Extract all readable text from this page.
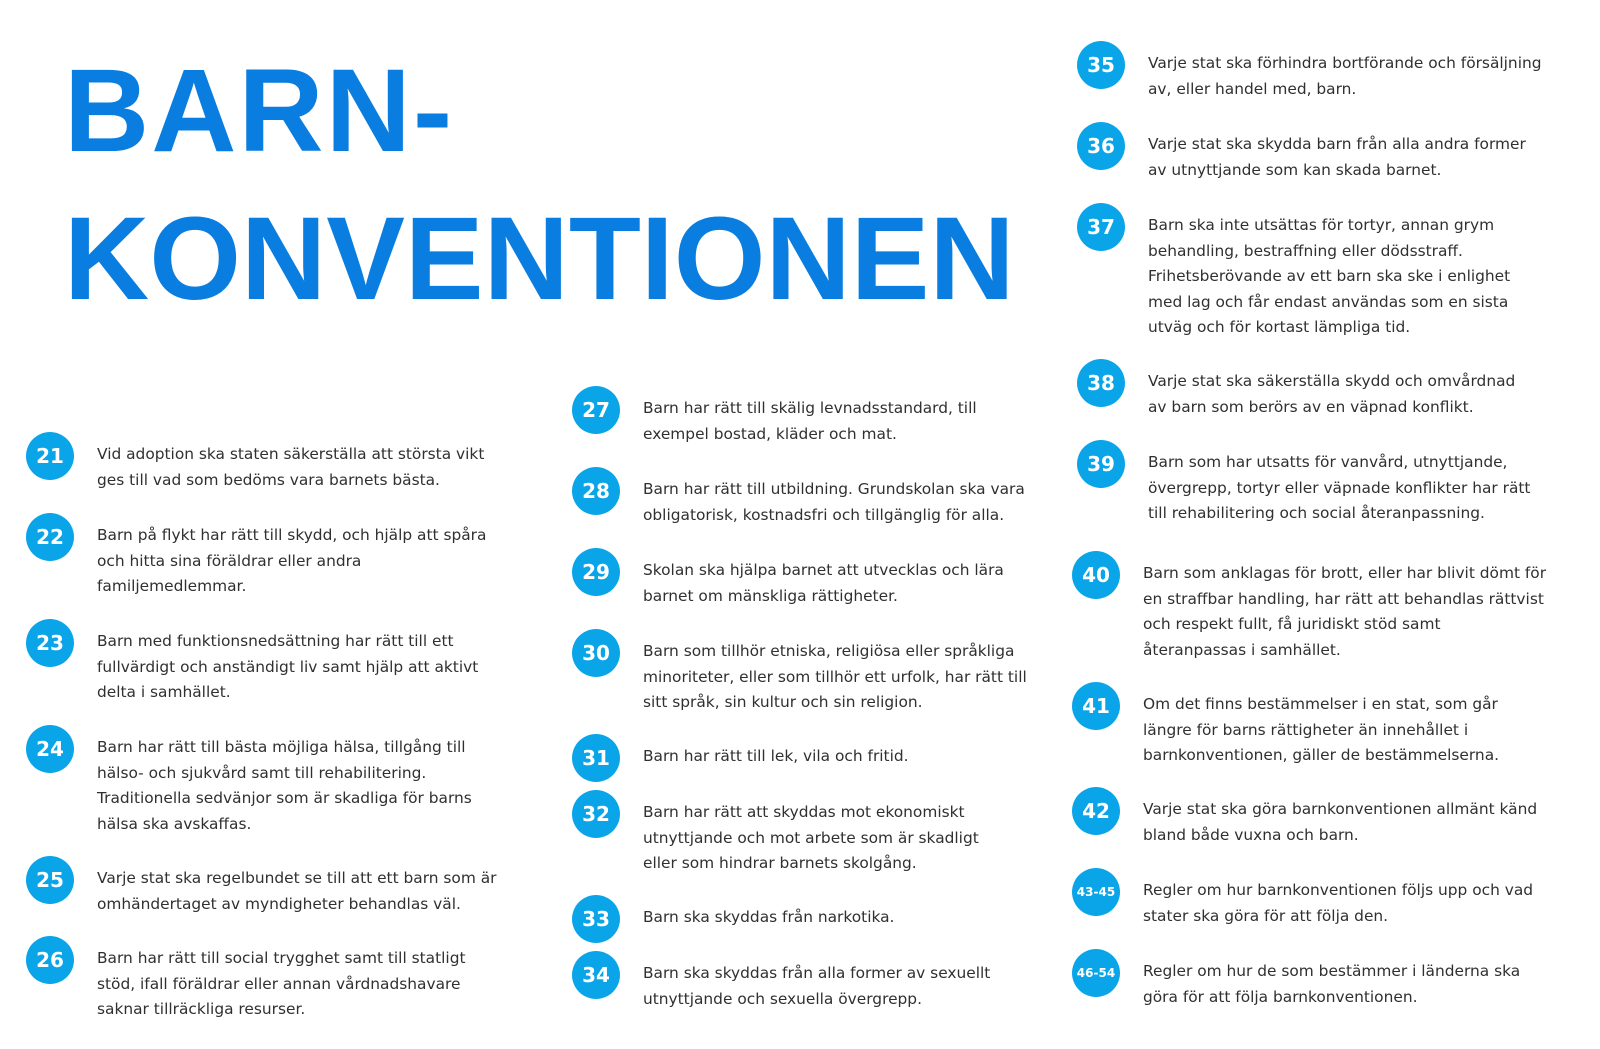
BARN-
KONVENTIONEN
21	Vid adoption ska staten säkerställa att största vikt ges till vad som bedöms vara barnets bästa.

22	Barn på flykt har rätt till skydd, och hjälp att spåra och hitta sina föräldrar eller andra familjemedlemmar.

23	Barn med funktionsnedsättning har rätt till ett fullvärdigt och anständigt liv samt hjälp att aktivt delta i samhället.

24	Barn har rätt till bästa möjliga hälsa, tillgång till hälso- och sjukvård samt till rehabilitering. Traditionella sedvänjor som är skadliga för barns hälsa ska avskaffas.

25	Varje stat ska regelbundet se till att ett barn som är omhändertaget av myndigheter behandlas väl.

26	Barn har rätt till social trygghet samt till statligt stöd, ifall föräldrar eller annan vårdnadshavare saknar tillräckliga resurser.

27	Barn har rätt till skälig levnadsstandard, till exempel bostad, kläder och mat.

28	Barn har rätt till utbildning. Grundskolan ska vara obligatorisk, kostnadsfri och tillgänglig för alla.

29	Skolan ska hjälpa barnet att utvecklas och lära barnet om mänskliga rättigheter.

30	Barn som tillhör etniska, religiösa eller språkliga minoriteter, eller som tillhör ett urfolk, har rätt till sitt språk, sin kultur och sin religion.

31	Barn har rätt till lek, vila och fritid.

32	Barn har rätt att skyddas mot ekonomiskt utnyttjande och mot arbete som är skadligt eller som hindrar barnets skolgång.

33	Barn ska skyddas från narkotika.

34	Barn ska skyddas från alla former av sexuellt utnyttjande och sexuella övergrepp.

35	Varje stat ska förhindra bortförande och försäljning av, eller handel med, barn.

36	Varje stat ska skydda barn från alla andra former av utnyttjande som kan skada barnet.

37	Barn ska inte utsättas för tortyr, annan grym behandling, bestraffning eller dödsstraff. Frihetsberövande av ett barn ska ske i enlighet med lag och får endast användas som en sista utväg och för kortast lämpliga tid.

38	Varje stat ska säkerställa skydd och omvårdnad av barn som berörs av en väpnad konflikt.

39	Barn som har utsatts för vanvård, utnyttjande, övergrepp, tortyr eller väpnade konflikter har rätt till rehabilitering och social återanpassning.

40	Barn som anklagas för brott, eller har blivit dömt för en straffbar handling, har rätt att behandlas rättvist och respekt fullt, få juridiskt stöd samt återanpassas i samhället.

41	Om det finns bestämmelser i en stat, som går längre för barns rättigheter än innehållet i barnkonventionen, gäller de bestämmelserna.

42	Varje stat ska göra barnkonventionen allmänt känd bland både vuxna och barn.

43-45	Regler om hur barnkonventionen följs upp och vad stater ska göra för att följa den.

46-54	Regler om hur de som bestämmer i länderna ska göra för att följa barnkonventionen.
